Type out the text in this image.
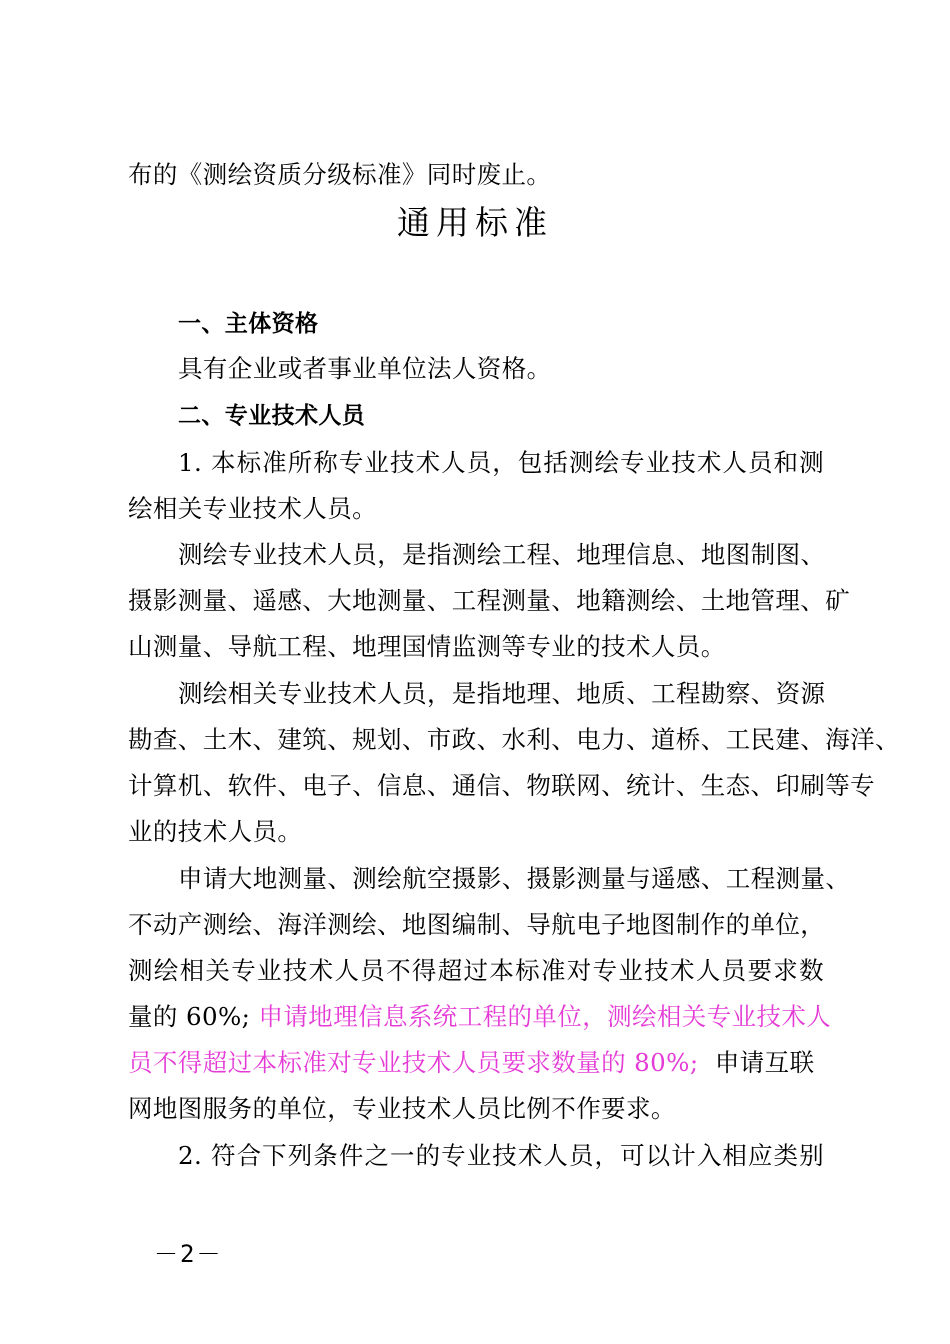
布的《测绘资质分级标准》同时废止。
通用标准
一、主体资格
具有企业或者事业单位法人资格。
二、专业技术人员
1. 本标准所称专业技术人员，包括测绘专业技术人员和测
绘相关专业技术人员。
测绘专业技术人员，是指测绘工程、地理信息、地图制图、
摄影测量、遥感、大地测量、工程测量、地籍测绘、土地管理、矿
山测量、导航工程、地理国情监测等专业的技术人员。
测绘相关专业技术人员，是指地理、地质、工程勘察、资源
勘查、土木、建筑、规划、市政、水利、电力、道桥、工民建、海洋、
计算机、软件、电子、信息、通信、物联网、统计、生态、印刷等专
业的技术人员。
申请大地测量、测绘航空摄影、摄影测量与遥感、工程测量、
不动产测绘、海洋测绘、地图编制、导航电子地图制作的单位，
测绘相关专业技术人员不得超过本标准对专业技术人员要求数
量的 60%; 申请地理信息系统工程的单位，测绘相关专业技术人
员不得超过本标准对专业技术人员要求数量的 80%;  申请互联
网地图服务的单位，专业技术人员比例不作要求。
2. 符合下列条件之一的专业技术人员，可以计入相应类别
－2－
